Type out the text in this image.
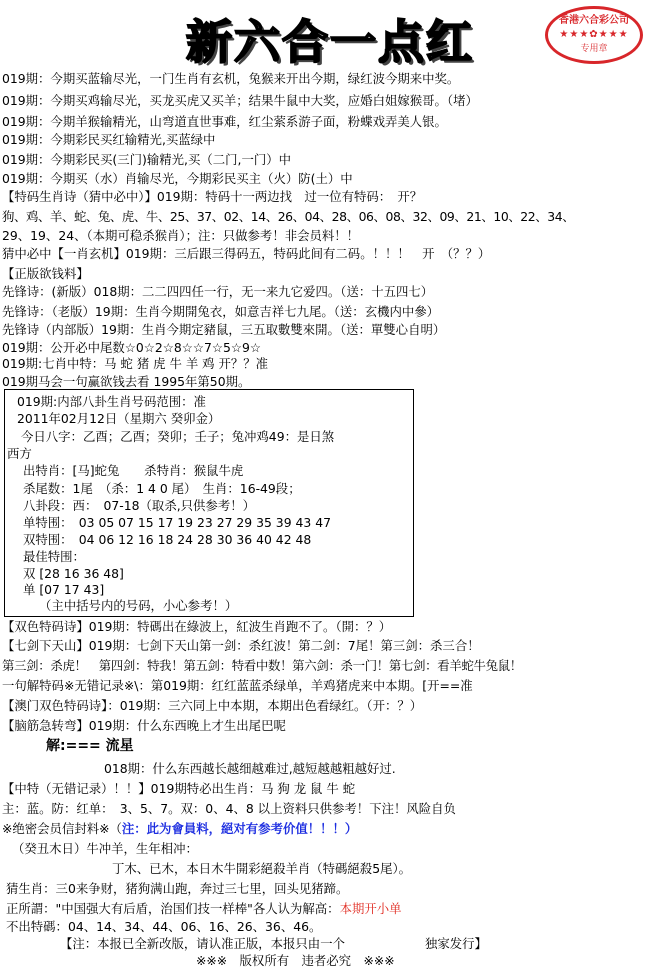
新六合一点红	香港六合彩公司
★★★✿★★★
专用章
019期：今期买蓝输尽光，一门生肖有玄机，兔猴来开出今期，绿红波今期来中奖。
019期：今期买鸡输尽光，买龙买虎又买羊；结果牛鼠中大奖，应婚白姐嫁猴哥。（堵）
019期：今期羊猴输精光，山弯道直世事难，红尘萦系游子面，粉蝶戏弄美人银。
019期：今期彩民买红输精光,买蓝绿中
019期：今期彩民买(三门)输精光,买（二门,一门）中
019期：今期买（水）肖输尽光，今期彩民买主（火）防(土）中
【特码生肖诗（猜中必中）】019期：特码十一两边找　过一位有特码：　开？
狗、鸡、羊、蛇、兔、虎、牛、25、37、02、14、26、04、28、06、08、32、09、21、10、22、34、
29、19、24、（本期可稳杀猴肖）；注：只做参考！非会员料！！
猜中必中【一肖玄机】019期：三后跟三得码五，特码此间有二码。！！！　开　（？？）
【正版欲钱料】
先锋诗：(新版）018期：二二四四任一行，无一来九它爱四。（送：十五四七）
先锋诗：（老版）19期：生肖今期開兔衣，如意吉祥七九尾。（送：玄機内中參）
先锋诗（内部版）19期：生肖今期定豬鼠，三五取數雙來開。（送：單雙心自明）
019期：公开必中尾数☆0☆2☆8☆☆7☆5☆9☆
019期:七肖中特：马 蛇 猪 虎 牛 羊 鸡 开？？准
019期马会一句赢欲钱去看 1995年第50期。
019期:内部八卦生肖号码范围：准
2011年02月12日（星期六 癸卯金）
今日八字：乙酉；乙酉；癸卯；壬子；兔冲鸡49：是日煞
西方
出特肖：[马]蛇兔　　杀特肖：猴鼠牛虎
杀尾数：1尾　（杀：1 4 0 尾）　生肖：16-49段；
八卦段：西：　07-18（取杀,只供参考！）
单特围：　03 05 07 15 17 19 23 27 29 35 39 43 47
双特围：　04 06 12 16 18 24 28 30 36 40 42 48
最佳特围：
双 [28 16 36 48]
单 [07 17 43]
（主中括号内的号码，小心参考！）
【双色特码诗】019期：特碼出在綠波上，紅波生肖跑不了。（開：？）
【七剑下天山】019期：七剑下天山第一剑：杀红波！第二剑：7尾！第三剑：杀三合！
第三剑：杀虎！　第四剑：特我！第五剑：特看中数！第六剑：杀一门！第七剑：看羊蛇牛兔鼠！
一句解特码※无错记录※\：第019期：红红蓝蓝杀绿单，羊鸡猪虎来中本期。[开==准
【澳门双色特码诗】：019期：三六同上中本期，本期出色看绿红。（开：？）
【脑筋急转弯】019期：什么东西晚上才生出尾巴呢
解:=== 流星
018期：什么东西越长越细越难过,越短越越粗越好过.
【中特（无错记录）！！】019期特必出生肖：马 狗 龙 鼠 牛 蛇
主：蓝。防：红单：　3、5、7。双：0、4、8 以上资料只供参考！下注！风险自负
※绝密会员信封料※（注：此为會員料，絕对有参考价值！！！）
（癸丑木日）牛冲羊，生年相冲：
丁木、已木，本日木牛開彩絕殺羊肖（特碼絕殺5尾）。
猜生肖：三0来争财，猪狗满山跑，奔过三七里，回头见猪蹄。
正所謂："中国强大有后盾，治国们技一样棒"各人认为解高：本期开小单
不出特碼：04、14、34、44、06、16、26、36、46。
【注：本报已全新改版，请认准正版，本报只由一个	独家发行】
※※※　版权所有　违者必究　※※※
